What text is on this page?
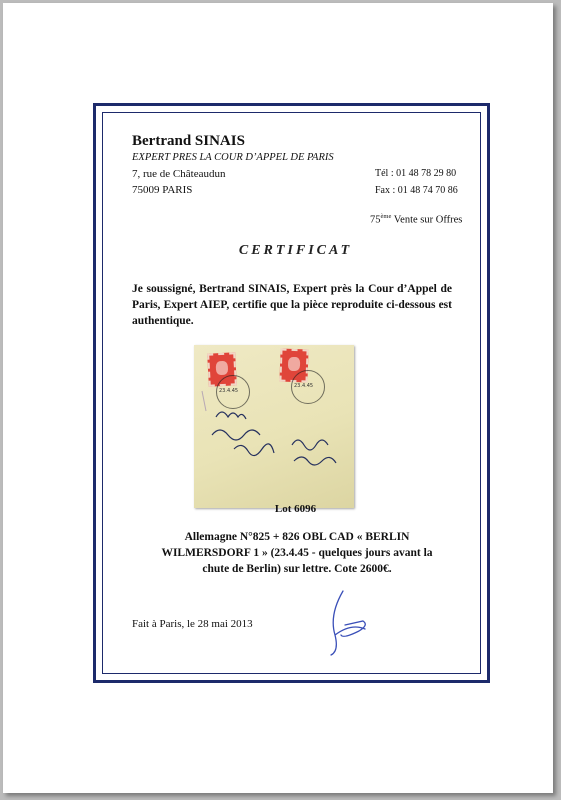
Bertrand SINAIS
EXPERT PRES LA COUR D’APPEL DE PARIS
7, rue de Châteaudun
75009 PARIS
Tél : 01 48 78 29 80
Fax : 01 48 74 70 86
75ème Vente sur Offres
CERTIFICAT
Je soussigné, Bertrand SINAIS, Expert près la Cour d’Appel de Paris, Expert AIEP, certifie que la pièce reproduite ci-dessous est authentique.
23.4.45
23.4.45
Lot 6096
Allemagne N°825 + 826 OBL CAD « BERLIN WILMERSDORF 1 » (23.4.45 - quelques jours avant la chute de Berlin) sur lettre. Cote 2600€.
Fait à Paris, le 28 mai 2013
